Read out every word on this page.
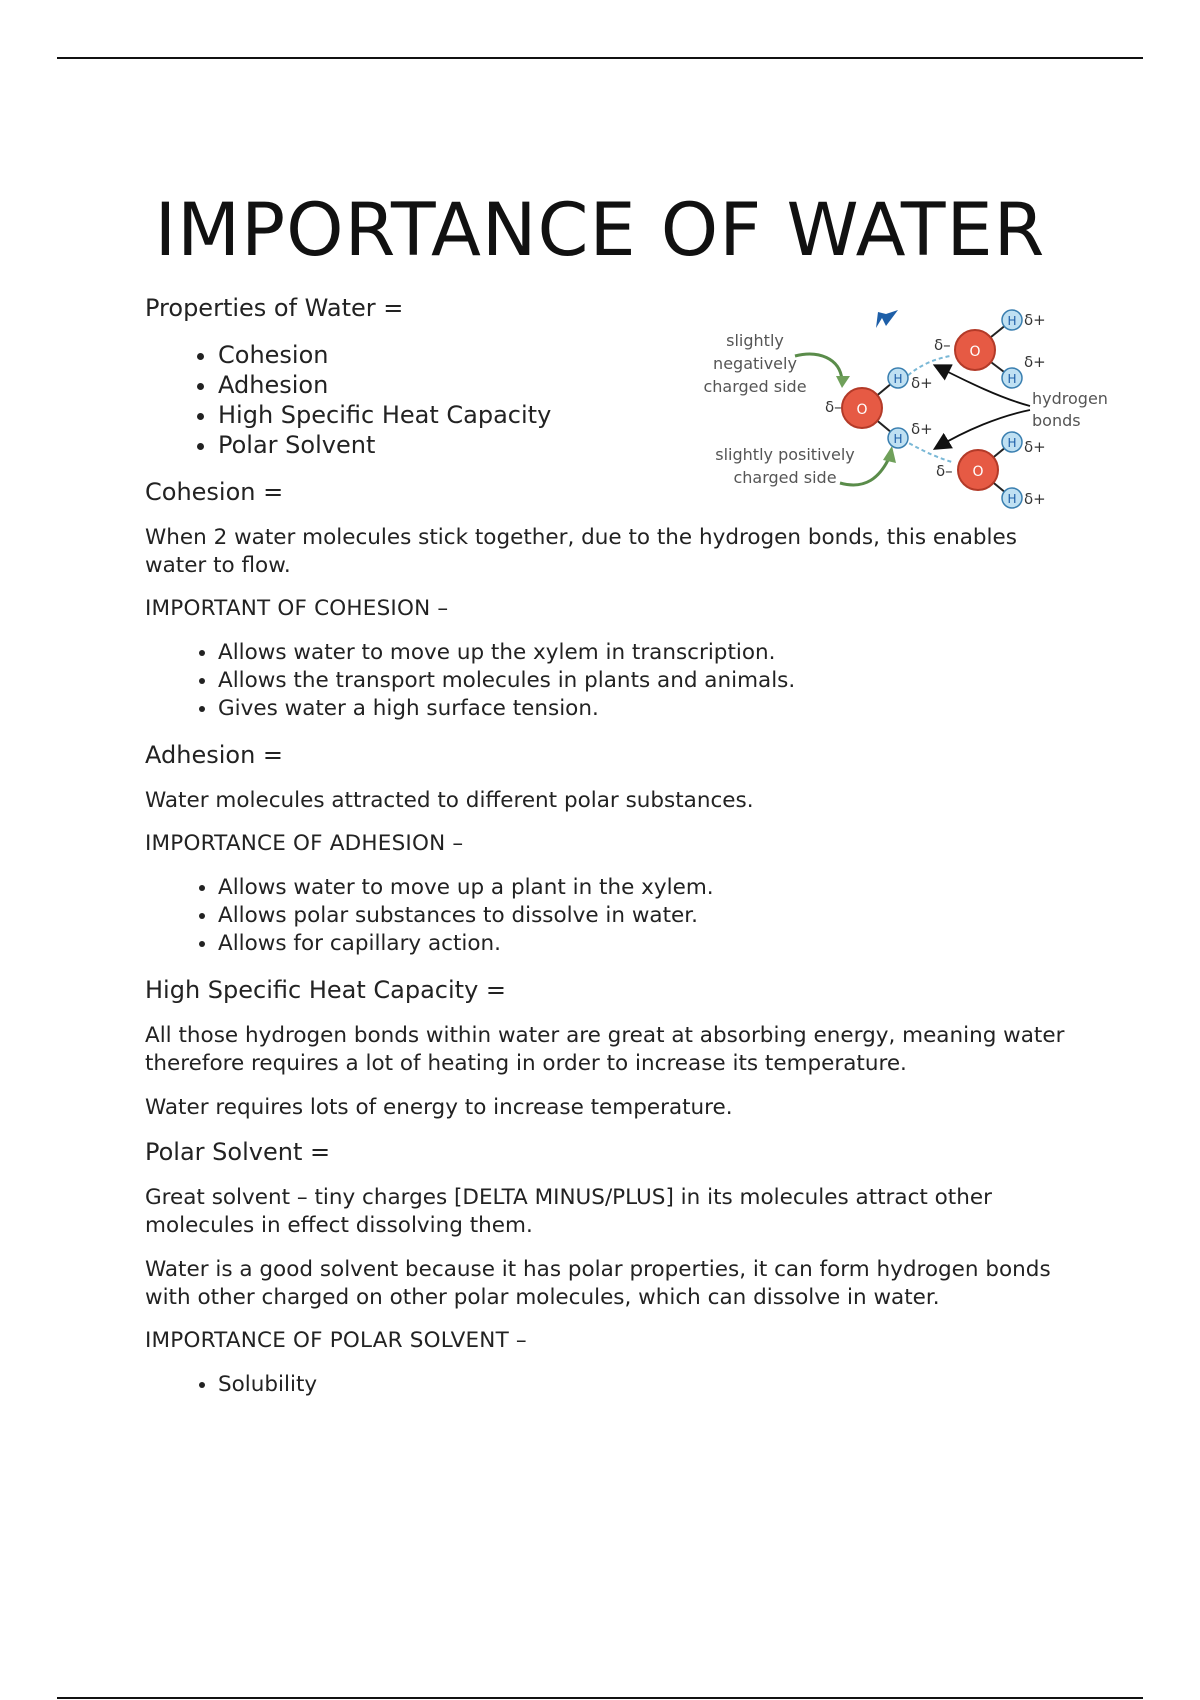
IMPORTANCE OF WATER
slightly
negatively
charged side
slightly positively
charged side
hydrogen
bonds
O
H
H
δ–
δ+
δ+
O
H
H
δ–
δ+
δ+
O
H
H
δ–
δ+
δ+

Properties of Water =

• Cohesion
• Adhesion
• High Specific Heat Capacity
• Polar Solvent

Cohesion =

When 2 water molecules stick together, due to the hydrogen bonds, this enables water to flow.

IMPORTANT OF COHESION –

• Allows water to move up the xylem in transcription.
• Allows the transport molecules in plants and animals.
• Gives water a high surface tension.

Adhesion =

Water molecules attracted to different polar substances.

IMPORTANCE OF ADHESION –

• Allows water to move up a plant in the xylem.
• Allows polar substances to dissolve in water.
• Allows for capillary action.

High Specific Heat Capacity =

All those hydrogen bonds within water are great at absorbing energy, meaning water therefore requires a lot of heating in order to increase its temperature.

Water requires lots of energy to increase temperature.

Polar Solvent =

Great solvent – tiny charges [DELTA MINUS/PLUS] in its molecules attract other molecules in effect dissolving them.

Water is a good solvent because it has polar properties, it can form hydrogen bonds with other charged on other polar molecules, which can dissolve in water.

IMPORTANCE OF POLAR SOLVENT –

• Solubility
